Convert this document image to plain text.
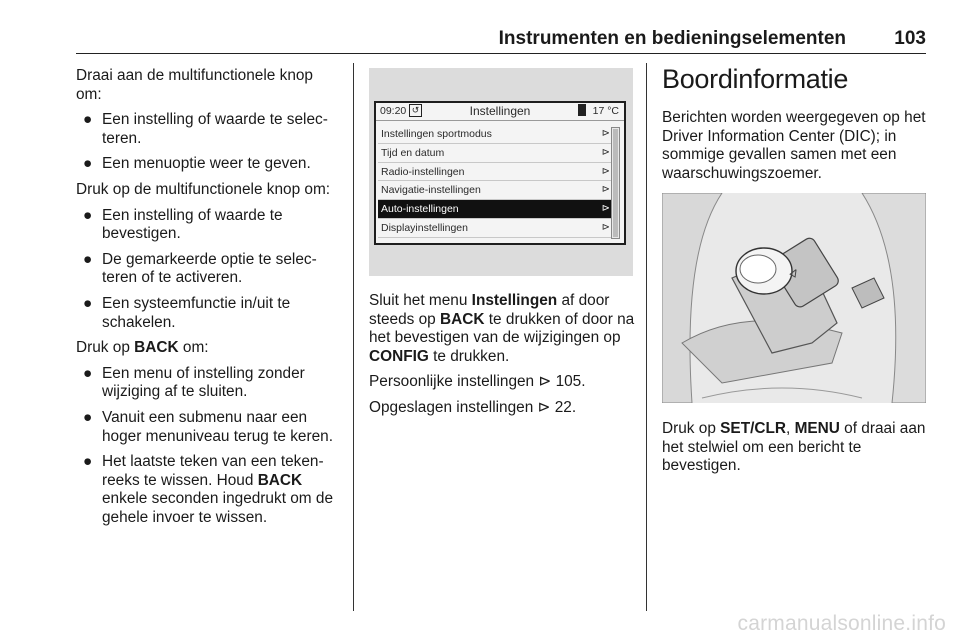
Instrumenten en bedieningselementen	103

Draai aan de multifunctionele knop om:

● Een instelling of waarde te selec-teren.
● Een menuoptie weer te geven.

Druk op de multifunctionele knop om:

● Een instelling of waarde te bevestigen.
● De gemarkeerde optie te selec-teren of te activeren.
● Een systeemfunctie in/uit te schakelen.

Druk op BACK om:

● Een menu of instelling zonder wijziging af te sluiten.
● Vanuit een submenu naar een hoger menuniveau terug te keren.
● Het laatste teken van een teken-reeks te wissen. Houd BACK enkele seconden ingedrukt om de gehele invoer te wissen.
09:20 ↺	Instellingen	17 °C
Instellingen sportmodus	⊳
Tijd en datum	⊳
Radio-instellingen	⊳
Navigatie-instellingen	⊳
Auto-instellingen	⊳
Displayinstellingen	⊳

Sluit het menu Instellingen af door steeds op BACK te drukken of door na het bevestigen van de wijzigingen op CONFIG te drukken.

Persoonlijke instellingen ⊳ 105.

Opgeslagen instellingen ⊳ 22.

Boordinformatie

Berichten worden weergegeven op het Driver Information Center (DIC); in sommige gevallen samen met een waarschuwingszoemer.

⊳

Druk op SET/CLR, MENU of draai aan het stelwiel om een bericht te bevestigen.

carmanualsonline.info
